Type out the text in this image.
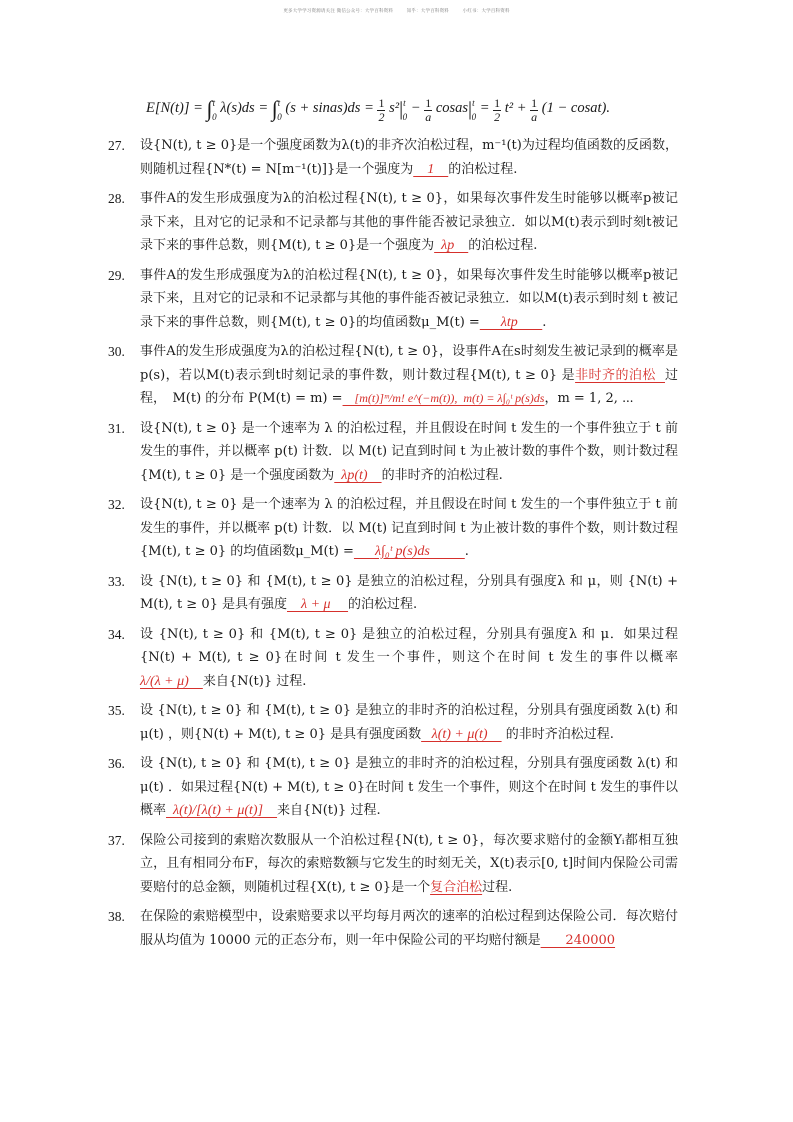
更多大学学习资源请关注 微信公众号：大学百科资料	知乎：大学百科资料	小红书：大学百科资料
E[N(t)] = ∫$^t_0$ λ(s)ds = ∫$^t_0$ (s + sinas)ds = $\frac{1}{2} s^2|^t_0 - \frac{1}{a}$ $cosas|^t_0 = \frac{1}{2} t^2 + \frac{1}{a} (1$ − cosat).
27.	设{N(t), t ≥ 0}是一个强度函数为λ(t)的非齐次泊松过程，m⁻¹(t)为过程均值函数的反函数，则随机过程{N*(t) = N[m⁻¹(t)]}是一个强度为    1    的泊松过程.
28.	事件A的发生形成强度为λ的泊松过程{N(t), t ≥ 0}，如果每次事件发生时能够以概率p被记录下来，且对它的记录和不记录都与其他的事件能否被记录独立．如以M(t)表示到时刻t被记录下来的事件总数，则{M(t), t ≥ 0}是一个强度为  λp    的泊松过程.
29.	事件A的发生形成强度为λ的泊松过程{N(t), t ≥ 0}，如果每次事件发生时能够以概率p被记录下来，且对它的记录和不记录都与其他的事件能否被记录独立．如以M(t)表示到时刻 t 被记录下来的事件总数，则{M(t), t ≥ 0}的均值函数μ_M(t) =      λtp       .
30.	事件A的发生形成强度为λ的泊松过程{N(t), t ≥ 0}，设事件A在s时刻发生被记录到的概率是p(s)，若以M(t)表示到t时刻记录的事件数，则计数过程{M(t), t ≥ 0} 是非时齐的泊松  过程，　M(t) 的分布 P(M(t) = m) =    [m(t)]ᵐ/m! e^(−m(t)),  m(t) = λ∫₀ᵗ p(s)ds，m = 1, 2, ⋯
31.	设{N(t), t ≥ 0} 是一个速率为 λ 的泊松过程，并且假设在时间 t 发生的一个事件独立于 t 前发生的事件，并以概率 p(t) 计数．以 M(t) 记直到时间 t 为止被计数的事件个数，则计数过程{M(t), t ≥ 0} 是一个强度函数为  λp(t)    的非时齐的泊松过程.
32.	设{N(t), t ≥ 0} 是一个速率为 λ 的泊松过程，并且假设在时间 t 发生的一个事件独立于 t 前发生的事件，并以概率 p(t) 计数．以 M(t) 记直到时间 t 为止被计数的事件个数，则计数过程{M(t), t ≥ 0} 的均值函数μ_M(t) =      λ∫₀ᵗ p(s)ds          .
33.	设 {N(t), t ≥ 0} 和 {M(t), t ≥ 0} 是独立的泊松过程，分别具有强度λ 和 μ，则 {N(t) + M(t), t ≥ 0} 是具有强度    λ + μ     的泊松过程.
34.	设 {N(t), t ≥ 0} 和 {M(t), t ≥ 0} 是独立的泊松过程，分别具有强度λ 和 μ．如果过程 {N(t) + M(t), t ≥ 0}在时间 t 发生一个事件，则这个在时间 t 发生的事件以概率λ/(λ + μ)    来自{N(t)} 过程.
35.	设 {N(t), t ≥ 0} 和 {M(t), t ≥ 0} 是独立的非时齐的泊松过程，分别具有强度函数 λ(t) 和 μ(t) ，则{N(t) + M(t), t ≥ 0} 是具有强度函数   λ(t) + μ(t)     的非时齐泊松过程.
36.	设 {N(t), t ≥ 0} 和 {M(t), t ≥ 0} 是独立的非时齐的泊松过程，分别具有强度函数 λ(t) 和 μ(t) ．如果过程{N(t) + M(t), t ≥ 0}在时间 t 发生一个事件，则这个在时间 t 发生的事件以概率  λ(t)/[λ(t) + μ(t)]    来自{N(t)} 过程.
37.	保险公司接到的索赔次数服从一个泊松过程{N(t), t ≥ 0}，每次要求赔付的金额Yᵢ都相互独立，且有相同分布F，每次的索赔数额与它发生的时刻无关，X(t)表示[0, t]时间内保险公司需要赔付的总金额，则随机过程{X(t), t ≥ 0}是一个复合泊松过程.
38.	在保险的索赔模型中，设索赔要求以平均每月两次的速率的泊松过程到达保险公司．每次赔付服从均值为 10000 元的正态分布，则一年中保险公司的平均赔付额是      240000
